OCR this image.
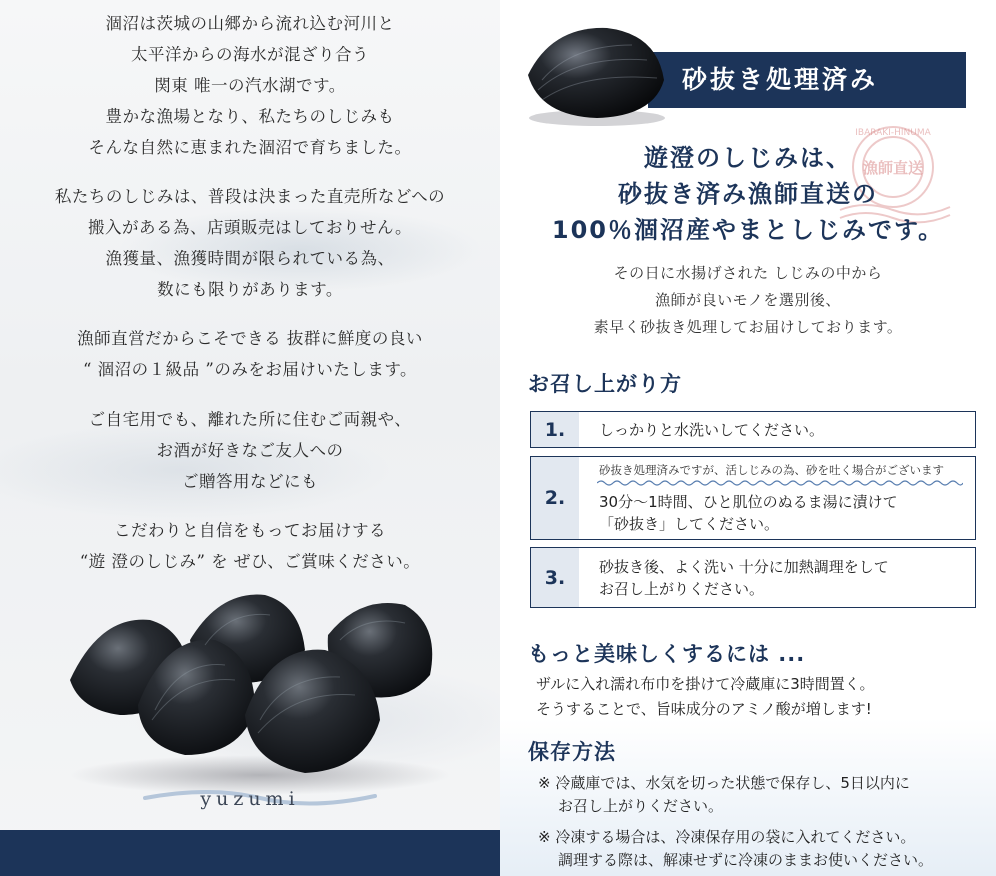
涸沼は茨城の山郷から流れ込む河川と
太平洋からの海水が混ざり合う
関東 唯一の汽水湖です。
豊かな漁場となり、私たちのしじみも
そんな自然に恵まれた涸沼で育ちました。

私たちのしじみは、普段は決まった直売所などへの
搬入がある為、店頭販売はしておりせん。
漁獲量、漁獲時間が限られている為、
数にも限りがあります。

漁師直営だからこそできる 抜群に鮮度の良い
“ 涸沼の１級品 ”のみをお届けいたします。

ご自宅用でも、離れた所に住むご両親や、
お酒が好きなご友人への
ご贈答用などにも

こだわりと自信をもってお届けする
“遊 澄のしじみ” を ぜひ、ご賞味ください。

yuzumi
砂抜き処理済み
IBARAKI-HINUMA
漁師直送

遊澄のしじみは、
砂抜き済み漁師直送の
100％涸沼産やまとしじみです。

その日に水揚げされた しじみの中から
漁師が良いモノを選別後、
素早く砂抜き処理してお届けしております。

お召し上がり方
1.	しっかりと水洗いしてください。
2.
砂抜き処理済みですが、活しじみの為、砂を吐く場合がございます
30分〜1時間、ひと肌位のぬるま湯に漬けて
「砂抜き」してください。
3.	砂抜き後、よく洗い 十分に加熱調理をして
お召し上がりください。
もっと美味しくするには ...

ザルに入れ濡れ布巾を掛けて冷蔵庫に3時間置く。
そうすることで、旨味成分のアミノ酸が増します!

保存方法

※ 冷蔵庫では、水気を切った状態で保存し、5日以内に
お召し上がりください。

※ 冷凍する場合は、冷凍保存用の袋に入れてください。
調理する際は、解凍せずに冷凍のままお使いください。
